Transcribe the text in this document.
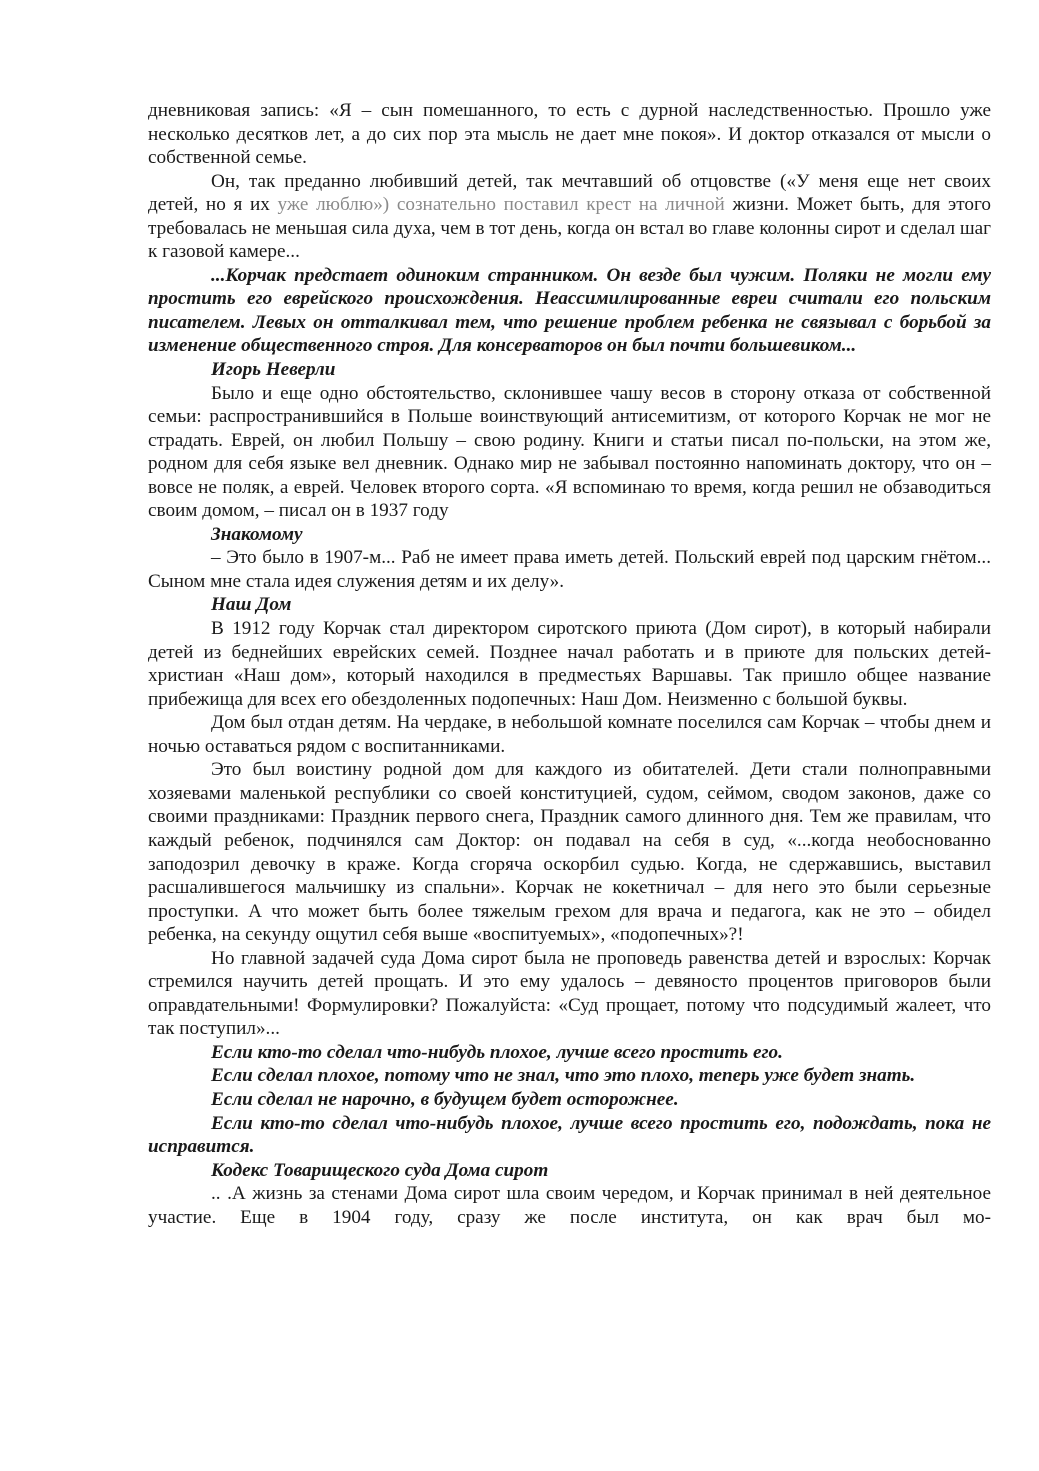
дневниковая запись: «Я – сын помешанного, то есть с дурной наследственностью. Прошло уже несколько десятков лет, а до сих пор эта мысль не дает мне покоя». И доктор отказался от мысли о собственной семье.

Он, так преданно любивший детей, так мечтавший об отцовстве («У меня еще нет своих детей, но я их уже люблю») сознательно поставил крест на личной жизни. Может быть, для этого требовалась не меньшая сила духа, чем в тот день, когда он встал во главе колонны сирот и сделал шаг к газовой камере...

...Корчак предстает одиноким странником. Он везде был чужим. Поляки не могли ему простить его еврейского происхождения. Неассимилированные евреи считали его польским писателем. Левых он отталкивал тем, что решение проблем ребенка не связывал с борьбой за изменение общественного строя. Для консерваторов он был почти большевиком...

Игорь Неверли

Было и еще одно обстоятельство, склонившее чашу весов в сторону отказа от собственной семьи: распространившийся в Польше воинствующий антисемитизм, от которого Корчак не мог не страдать. Еврей, он любил Польшу – свою родину. Книги и статьи писал по-польски, на этом же, родном для себя языке вел дневник. Однако мир не забывал постоянно напоминать доктору, что он – вовсе не поляк, а еврей. Человек второго сорта. «Я вспоминаю то время, когда решил не обзаводиться своим домом, – писал он в 1937 году

Знакомому

– Это было в 1907-м... Раб не имеет права иметь детей. Польский еврей под царским гнётом... Сыном мне стала идея служения детям и их делу».

Наш Дом

В 1912 году Корчак стал директором сиротского приюта (Дом сирот), в который набирали детей из беднейших еврейских семей. Позднее начал работать и в приюте для польских детей-христиан «Наш дом», который находился в предместьях Варшавы. Так пришло общее название прибежища для всех его обездоленных подопечных: Наш Дом. Неизменно с большой буквы.

Дом был отдан детям. На чердаке, в небольшой комнате поселился сам Корчак – чтобы днем и ночью оставаться рядом с воспитанниками.

Это был воистину родной дом для каждого из обитателей. Дети стали полноправными хозяевами маленькой республики со своей конституцией, судом, сеймом, сводом законов, даже со своими праздниками: Праздник первого снега, Праздник самого длинного дня. Тем же правилам, что каждый ребенок, подчинялся сам Доктор: он подавал на себя в суд, «...когда необоснованно заподозрил девочку в краже. Когда сгоряча оскорбил судью. Когда, не сдержавшись, выставил расшалившегося мальчишку из спальни». Корчак не кокетничал – для него это были серьезные проступки. А что может быть более тяжелым грехом для врача и педагога, как не это – обидел ребенка, на секунду ощутил себя выше «воспитуемых», «подопечных»?!

Но главной задачей суда Дома сирот была не проповедь равенства детей и взрослых: Корчак стремился научить детей прощать. И это ему удалось – девяносто процентов приговоров были оправдательными! Формулировки? Пожалуйста: «Суд прощает, потому что подсудимый жалеет, что так поступил»...

Если кто-то сделал что-нибудь плохое, лучше всего простить его.

Если сделал плохое, потому что не знал, что это плохо, теперь уже будет знать.

Если сделал не нарочно, в будущем будет осторожнее.

Если кто-то сделал что-нибудь плохое, лучше всего простить его, подождать, пока не исправится.

Кодекс Товарищеского суда Дома сирот

.. .А жизнь за стенами Дома сирот шла своим чередом, и Корчак принимал в ней деятельное участие. Еще в 1904 году, сразу же после института, он как врач был мо-
